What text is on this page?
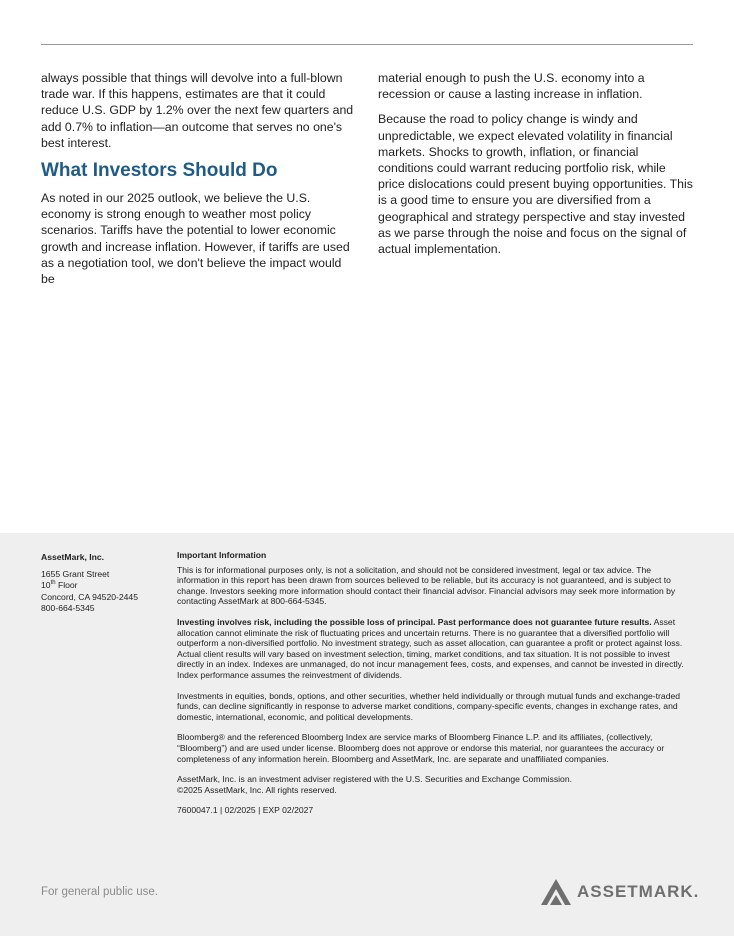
always possible that things will devolve into a full-blown trade war. If this happens, estimates are that it could reduce U.S. GDP by 1.2% over the next few quarters and add 0.7% to inflation—an outcome that serves no one's best interest.

What Investors Should Do

As noted in our 2025 outlook, we believe the U.S. economy is strong enough to weather most policy scenarios. Tariffs have the potential to lower economic growth and increase inflation. However, if tariffs are used as a negotiation tool, we don't believe the impact would be

material enough to push the U.S. economy into a recession or cause a lasting increase in inflation.

Because the road to policy change is windy and unpredictable, we expect elevated volatility in financial markets. Shocks to growth, inflation, or financial conditions could warrant reducing portfolio risk, while price dislocations could present buying opportunities. This is a good time to ensure you are diversified from a geographical and strategy perspective and stay invested as we parse through the noise and focus on the signal of actual implementation.

AssetMark, Inc.
1655 Grant Street
10th Floor
Concord, CA 94520-2445
800-664-5345
Important Information

This is for informational purposes only, is not a solicitation, and should not be considered investment, legal or tax advice. The information in this report has been drawn from sources believed to be reliable, but its accuracy is not guaranteed, and is subject to change. Investors seeking more information should contact their financial advisor. Financial advisors may seek more information by contacting AssetMark at 800-664-5345.

Investing involves risk, including the possible loss of principal. Past performance does not guarantee future results. Asset allocation cannot eliminate the risk of fluctuating prices and uncertain returns. There is no guarantee that a diversified portfolio will outperform a non-diversified portfolio. No investment strategy, such as asset allocation, can guarantee a profit or protect against loss. Actual client results will vary based on investment selection, timing, market conditions, and tax situation. It is not possible to invest directly in an index. Indexes are unmanaged, do not incur management fees, costs, and expenses, and cannot be invested in directly. Index performance assumes the reinvestment of dividends.

Investments in equities, bonds, options, and other securities, whether held individually or through mutual funds and exchange-traded funds, can decline significantly in response to adverse market conditions, company-specific events, changes in exchange rates, and domestic, international, economic, and political developments.

Bloomberg® and the referenced Bloomberg Index are service marks of Bloomberg Finance L.P. and its affiliates, (collectively, “Bloomberg”) and are used under license. Bloomberg does not approve or endorse this material, nor guarantees the accuracy or completeness of any information herein. Bloomberg and AssetMark, Inc. are separate and unaffiliated companies.

AssetMark, Inc. is an investment adviser registered with the U.S. Securities and Exchange Commission.
©2025 AssetMark, Inc. All rights reserved.

7600047.1 | 02/2025 | EXP 02/2027

For general public use.	ASSETMARK.
